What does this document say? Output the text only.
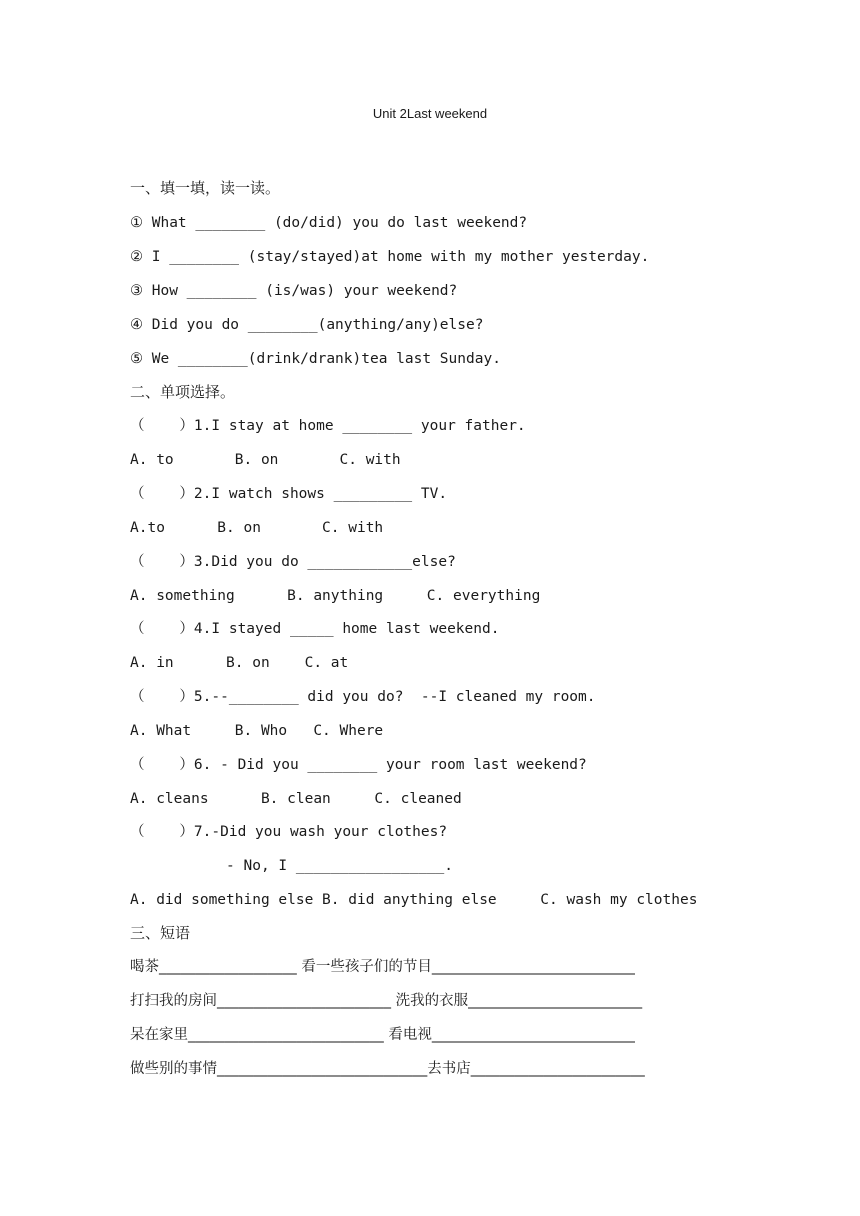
Unit 2Last weekend
一、填一填，读一读。
① What ________ (do/did) you do last weekend?
② I ________ (stay/stayed)at home with my mother yesterday.
③ How ________ (is/was) your weekend?
④ Did you do ________(anything/any)else?
⑤ We ________(drink/drank)tea last Sunday.
二、单项选择。
（    ）1.I stay at home ________ your father.
A. to       B. on       C. with
（    ）2.I watch shows _________ TV.
A.to      B. on       C. with
（    ）3.Did you do ____________else?
A. something      B. anything     C. everything
（    ）4.I stayed _____ home last weekend.
A. in      B. on    C. at
（    ）5.--________ did you do?  --I cleaned my room.
A. What     B. Who   C. Where
（    ）6. - Did you ________ your room last weekend?
A. cleans      B. clean     C. cleaned
（    ）7.-Did you wash your clothes?
- No, I _________________.
A. did something else B. did anything else     C. wash my clothes
三、短语
喝茶___________________ 看一些孩子们的节目____________________________
打扫我的房间________________________ 洗我的衣服________________________
呆在家里___________________________ 看电视____________________________
做些别的事情_____________________________去书店________________________
